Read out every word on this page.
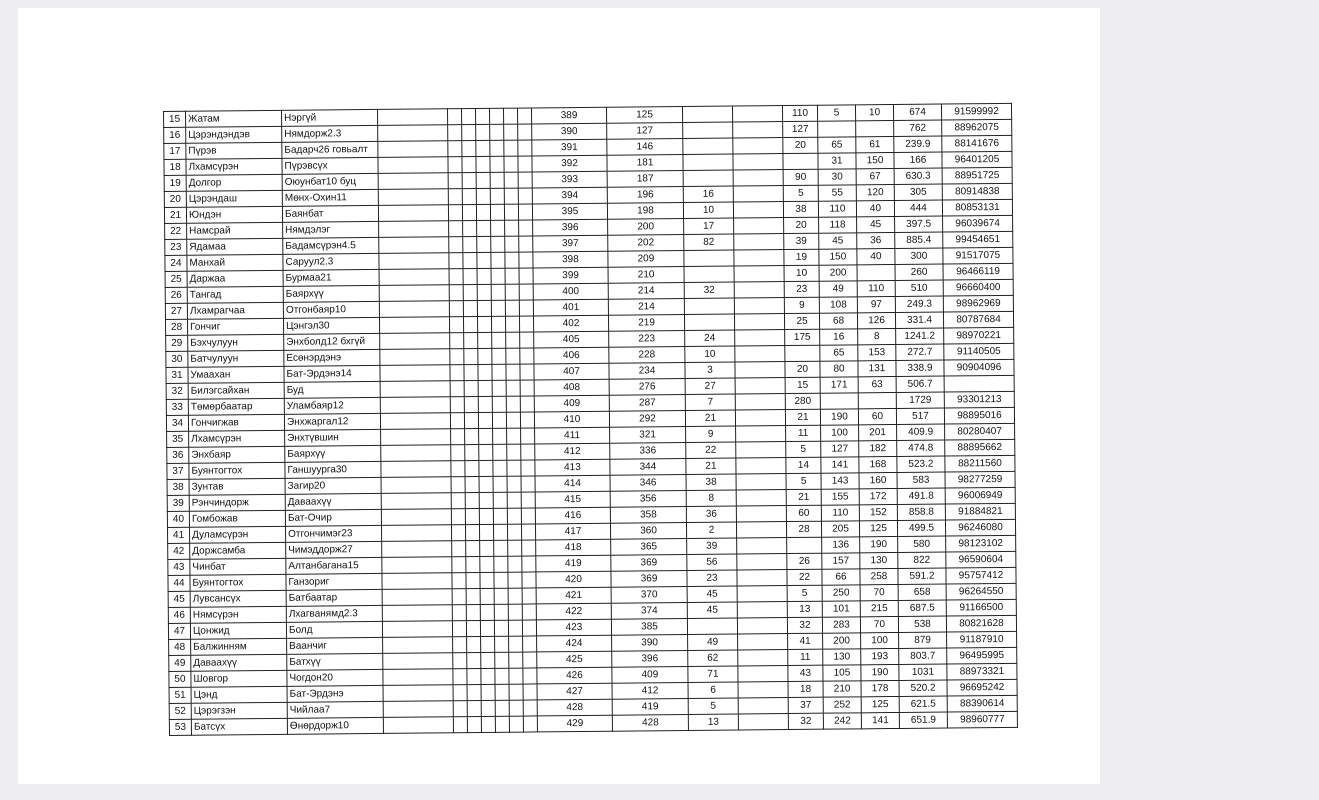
15	Жатам	Нэргүй								389	125			110	5	10	674	91599992
16	Цэрэндэндэв	Нямдорж2.3								390	127			127			762	88962075
17	Пүрэв	Бадарч26 говьалт								391	146			20	65	61	239.9	88141676
18	Лхамсүрэн	Пүрэвсүх								392	181				31	150	166	96401205
19	Долгор	Оюунбат10 буц								393	187			90	30	67	630.3	88951725
20	Цэрэндаш	Мөнх-Охин11								394	196	16		5	55	120	305	80914838
21	Юндэн	Баянбат								395	198	10		38	110	40	444	80853131
22	Намсрай	Нямдэлэг								396	200	17		20	118	45	397.5	96039674
23	Ядамаа	Бадамсүрэн4.5								397	202	82		39	45	36	885.4	99454651
24	Манхай	Саруул2.3								398	209			19	150	40	300	91517075
25	Даржаа	Бурмаа21								399	210			10	200		260	96466119
26	Тангад	Баярхүү								400	214	32		23	49	110	510	96660400
27	Лхамрагчаа	Отгонбаяр10								401	214			9	108	97	249.3	98962969
28	Гончиг	Цэнгэл30								402	219			25	68	126	331.4	80787684
29	Бэхчулуун	Энхболд12 бхгүй								405	223	24		175	16	8	1241.2	98970221
30	Батчулуун	Есөнэрдэнэ								406	228	10			65	153	272.7	91140505
31	Умаахан	Бат-Эрдэнэ14								407	234	3		20	80	131	338.9	90904096
32	Билэгсайхан	Буд								408	276	27		15	171	63	506.7	
33	Төмөрбаатар	Уламбаяр12								409	287	7		280			1729	93301213
34	Гончигжав	Энхжаргал12								410	292	21		21	190	60	517	98895016
35	Лхамсүрэн	Энхтүвшин								411	321	9		11	100	201	409.9	80280407
36	Энхбаяр	Баярхүү								412	336	22		5	127	182	474.8	88895662
37	Буянтогтох	Ганшуурга30								413	344	21		14	141	168	523.2	88211560
38	Зунтав	Загир20								414	346	38		5	143	160	583	98277259
39	Рэнчиндорж	Даваахүү								415	356	8		21	155	172	491.8	96006949
40	Гомбожав	Бат-Очир								416	358	36		60	110	152	858.8	91884821
41	Дуламсүрэн	Отгончимэг23								417	360	2		28	205	125	499.5	96246080
42	Доржсамба	Чимэддорж27								418	365	39			136	190	580	98123102
43	Чинбат	Алтанбагана15								419	369	56		26	157	130	822	96590604
44	Буянтогтох	Ганзориг								420	369	23		22	66	258	591.2	95757412
45	Лувсансүх	Батбаатар								421	370	45		5	250	70	658	96264550
46	Нямсүрэн	Лхагванямд2.3								422	374	45		13	101	215	687.5	91166500
47	Цонжид	Болд								423	385			32	283	70	538	80821628
48	Балжинням	Ваанчиг								424	390	49		41	200	100	879	91187910
49	Даваахүү	Батхүү								425	396	62		11	130	193	803.7	96495995
50	Шовгор	Чогдон20								426	409	71		43	105	190	1031	88973321
51	Цэнд	Бат-Эрдэнэ								427	412	6		18	210	178	520.2	96695242
52	Цэрэгзэн	Чийлаа7								428	419	5		37	252	125	621.5	88390614
53	Батсүх	Өнөрдорж10								429	428	13		32	242	141	651.9	98960777
